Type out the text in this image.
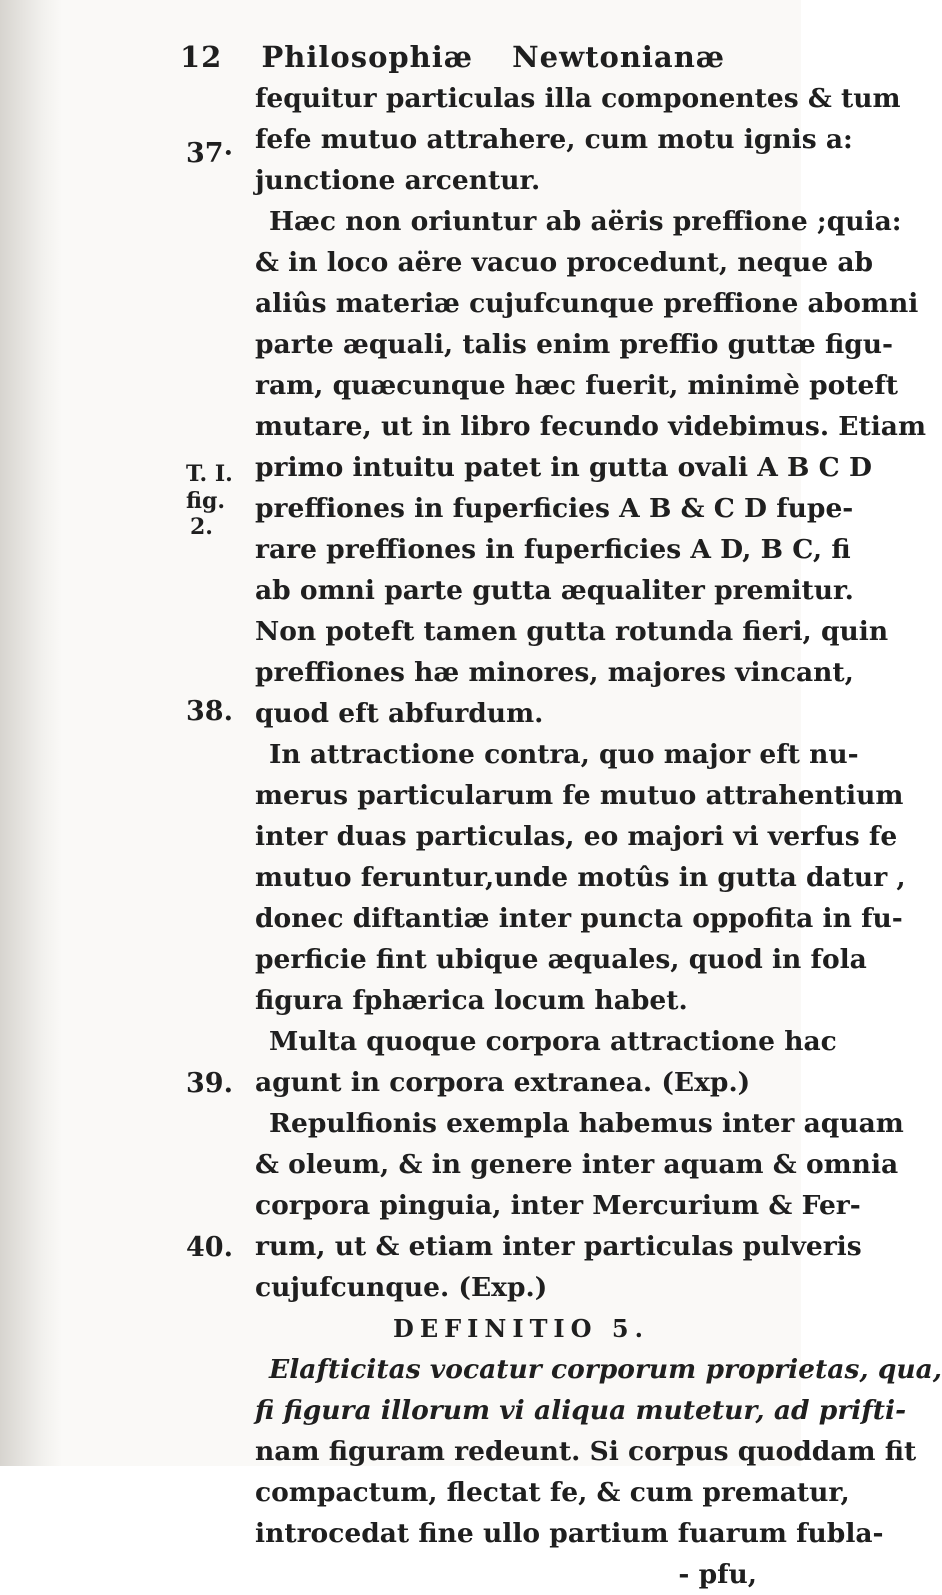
12 Philosophiæ Newtonianæ
37·
T. I.
fig.
2.
38.
39.
40.
fequitur particulas illa componentes & tum
fefe mutuo attrahere, cum motu ignis a:
junctione arcentur.
Hæc non oriuntur ab aëris preffione ;quia:
& in loco aëre vacuo procedunt, neque ab
aliûs materiæ cujufcunque preffione abomni
parte æquali, talis enim preffio guttæ figu-
ram, quæcunque hæc fuerit, minimè poteft
mutare, ut in libro fecundo videbimus. Etiam
primo intuitu patet in gutta ovali A B C D
preffiones in fuperficies A B & C D fupe-
rare preffiones in fuperficies A D, B C, fi
ab omni parte gutta æqualiter premitur.
Non poteft tamen gutta rotunda fieri, quin
preffiones hæ minores, majores vincant,
quod eft abfurdum.
In attractione contra, quo major eft nu-
merus particularum fe mutuo attrahentium
inter duas particulas, eo majori vi verfus fe
mutuo feruntur,unde motûs in gutta datur ,
donec diftantiæ inter puncta oppofita in fu-
perficie fint ubique æquales, quod in fola
figura fphærica locum habet.
Multa quoque corpora attractione hac
agunt in corpora extranea. (Exp.)
Repulfionis exempla habemus inter aquam
& oleum, & in genere inter aquam & omnia
corpora pinguia, inter Mercurium & Fer-
rum, ut & etiam inter particulas pulveris
cujufcunque. (Exp.)
DEFINITIO 5.
Elafticitas vocatur corporum proprietas, qua,
fi figura illorum vi aliqua mutetur, ad prifti-
nam figuram redeunt. Si corpus quoddam fit
compactum, flectat fe, & cum prematur,
introcedat fine ullo partium fuarum fubla-
- pfu,
